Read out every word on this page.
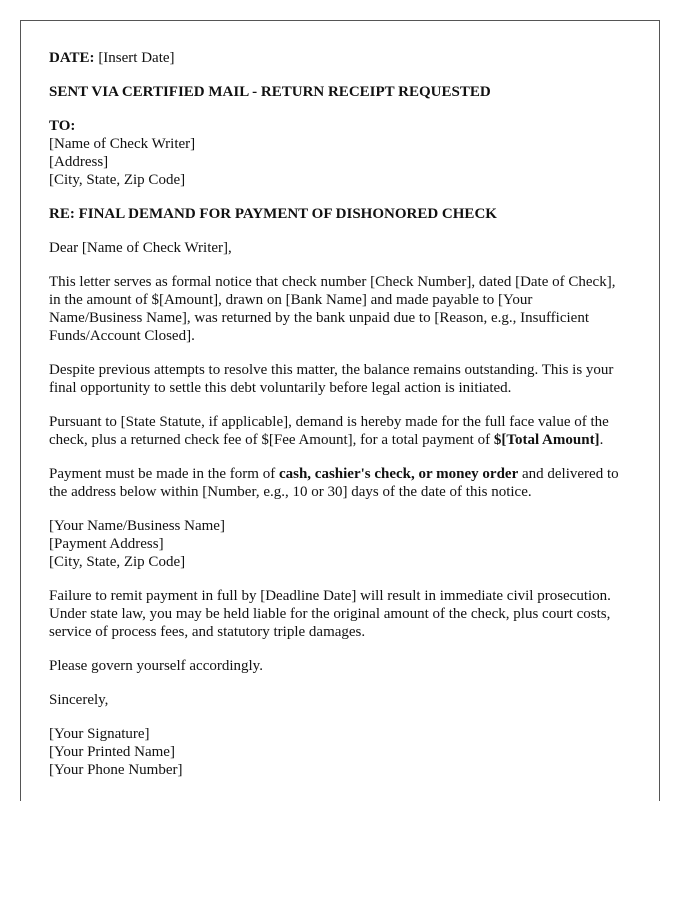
DATE: [Insert Date]

SENT VIA CERTIFIED MAIL - RETURN RECEIPT REQUESTED

TO:
[Name of Check Writer]
[Address]
[City, State, Zip Code]

RE: FINAL DEMAND FOR PAYMENT OF DISHONORED CHECK

Dear [Name of Check Writer],

This letter serves as formal notice that check number [Check Number], dated [Date of Check], in the amount of $[Amount], drawn on [Bank Name] and made payable to [Your Name/Business Name], was returned by the bank unpaid due to [Reason, e.g., Insufficient Funds/Account Closed].

Despite previous attempts to resolve this matter, the balance remains outstanding. This is your final opportunity to settle this debt voluntarily before legal action is initiated.

Pursuant to [State Statute, if applicable], demand is hereby made for the full face value of the check, plus a returned check fee of $[Fee Amount], for a total payment of $[Total Amount].

Payment must be made in the form of cash, cashier's check, or money order and delivered to the address below within [Number, e.g., 10 or 30] days of the date of this notice.

[Your Name/Business Name]
[Payment Address]
[City, State, Zip Code]

Failure to remit payment in full by [Deadline Date] will result in immediate civil prosecution. Under state law, you may be held liable for the original amount of the check, plus court costs, service of process fees, and statutory triple damages.

Please govern yourself accordingly.

Sincerely,

[Your Signature]
[Your Printed Name]
[Your Phone Number]
